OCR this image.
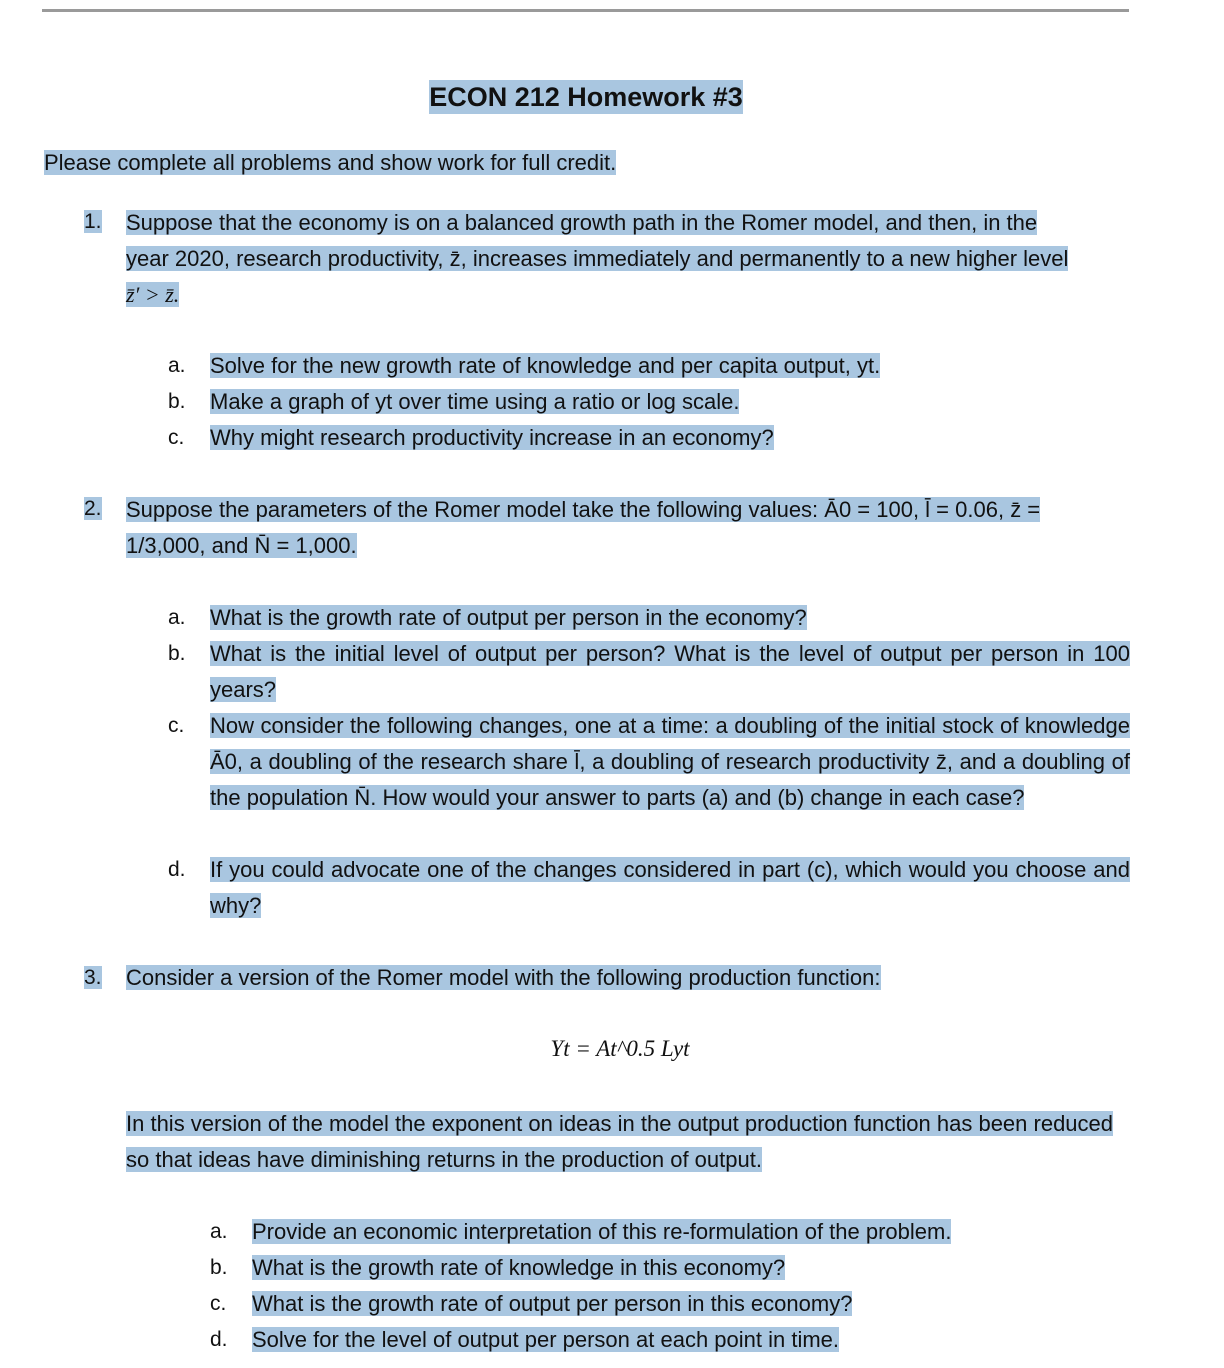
ECON 212 Homework #3
Please complete all problems and show work for full credit.
1. Suppose that the economy is on a balanced growth path in the Romer model, and then, in the
year 2020, research productivity, z̄, increases immediately and permanently to a new higher level
z̄′ > z̄.
a. Solve for the new growth rate of knowledge and per capita output, yt.
b. Make a graph of yt over time using a ratio or log scale.
c. Why might research productivity increase in an economy?
2. Suppose the parameters of the Romer model take the following values: Ā0 = 100, l̄ = 0.06, z̄ =
1/3,000, and N̄ = 1,000.
a. What is the growth rate of output per person in the economy?
b. What is the initial level of output per person? What is the level of output per person in 100 years?
c. Now consider the following changes, one at a time: a doubling of the initial stock of knowledge Ā0, a doubling of the research share l̄, a doubling of research productivity z̄, and a doubling of the population N̄. How would your answer to parts (a) and (b) change in each case?
d. If you could advocate one of the changes considered in part (c), which would you choose and why?
3. Consider a version of the Romer model with the following production function:
Yt = At^0.5 Lyt
In this version of the model the exponent on ideas in the output production function has been reduced so that ideas have diminishing returns in the production of output.
a. Provide an economic interpretation of this re-formulation of the problem.
b. What is the growth rate of knowledge in this economy?
c. What is the growth rate of output per person in this economy?
d. Solve for the level of output per person at each point in time.
